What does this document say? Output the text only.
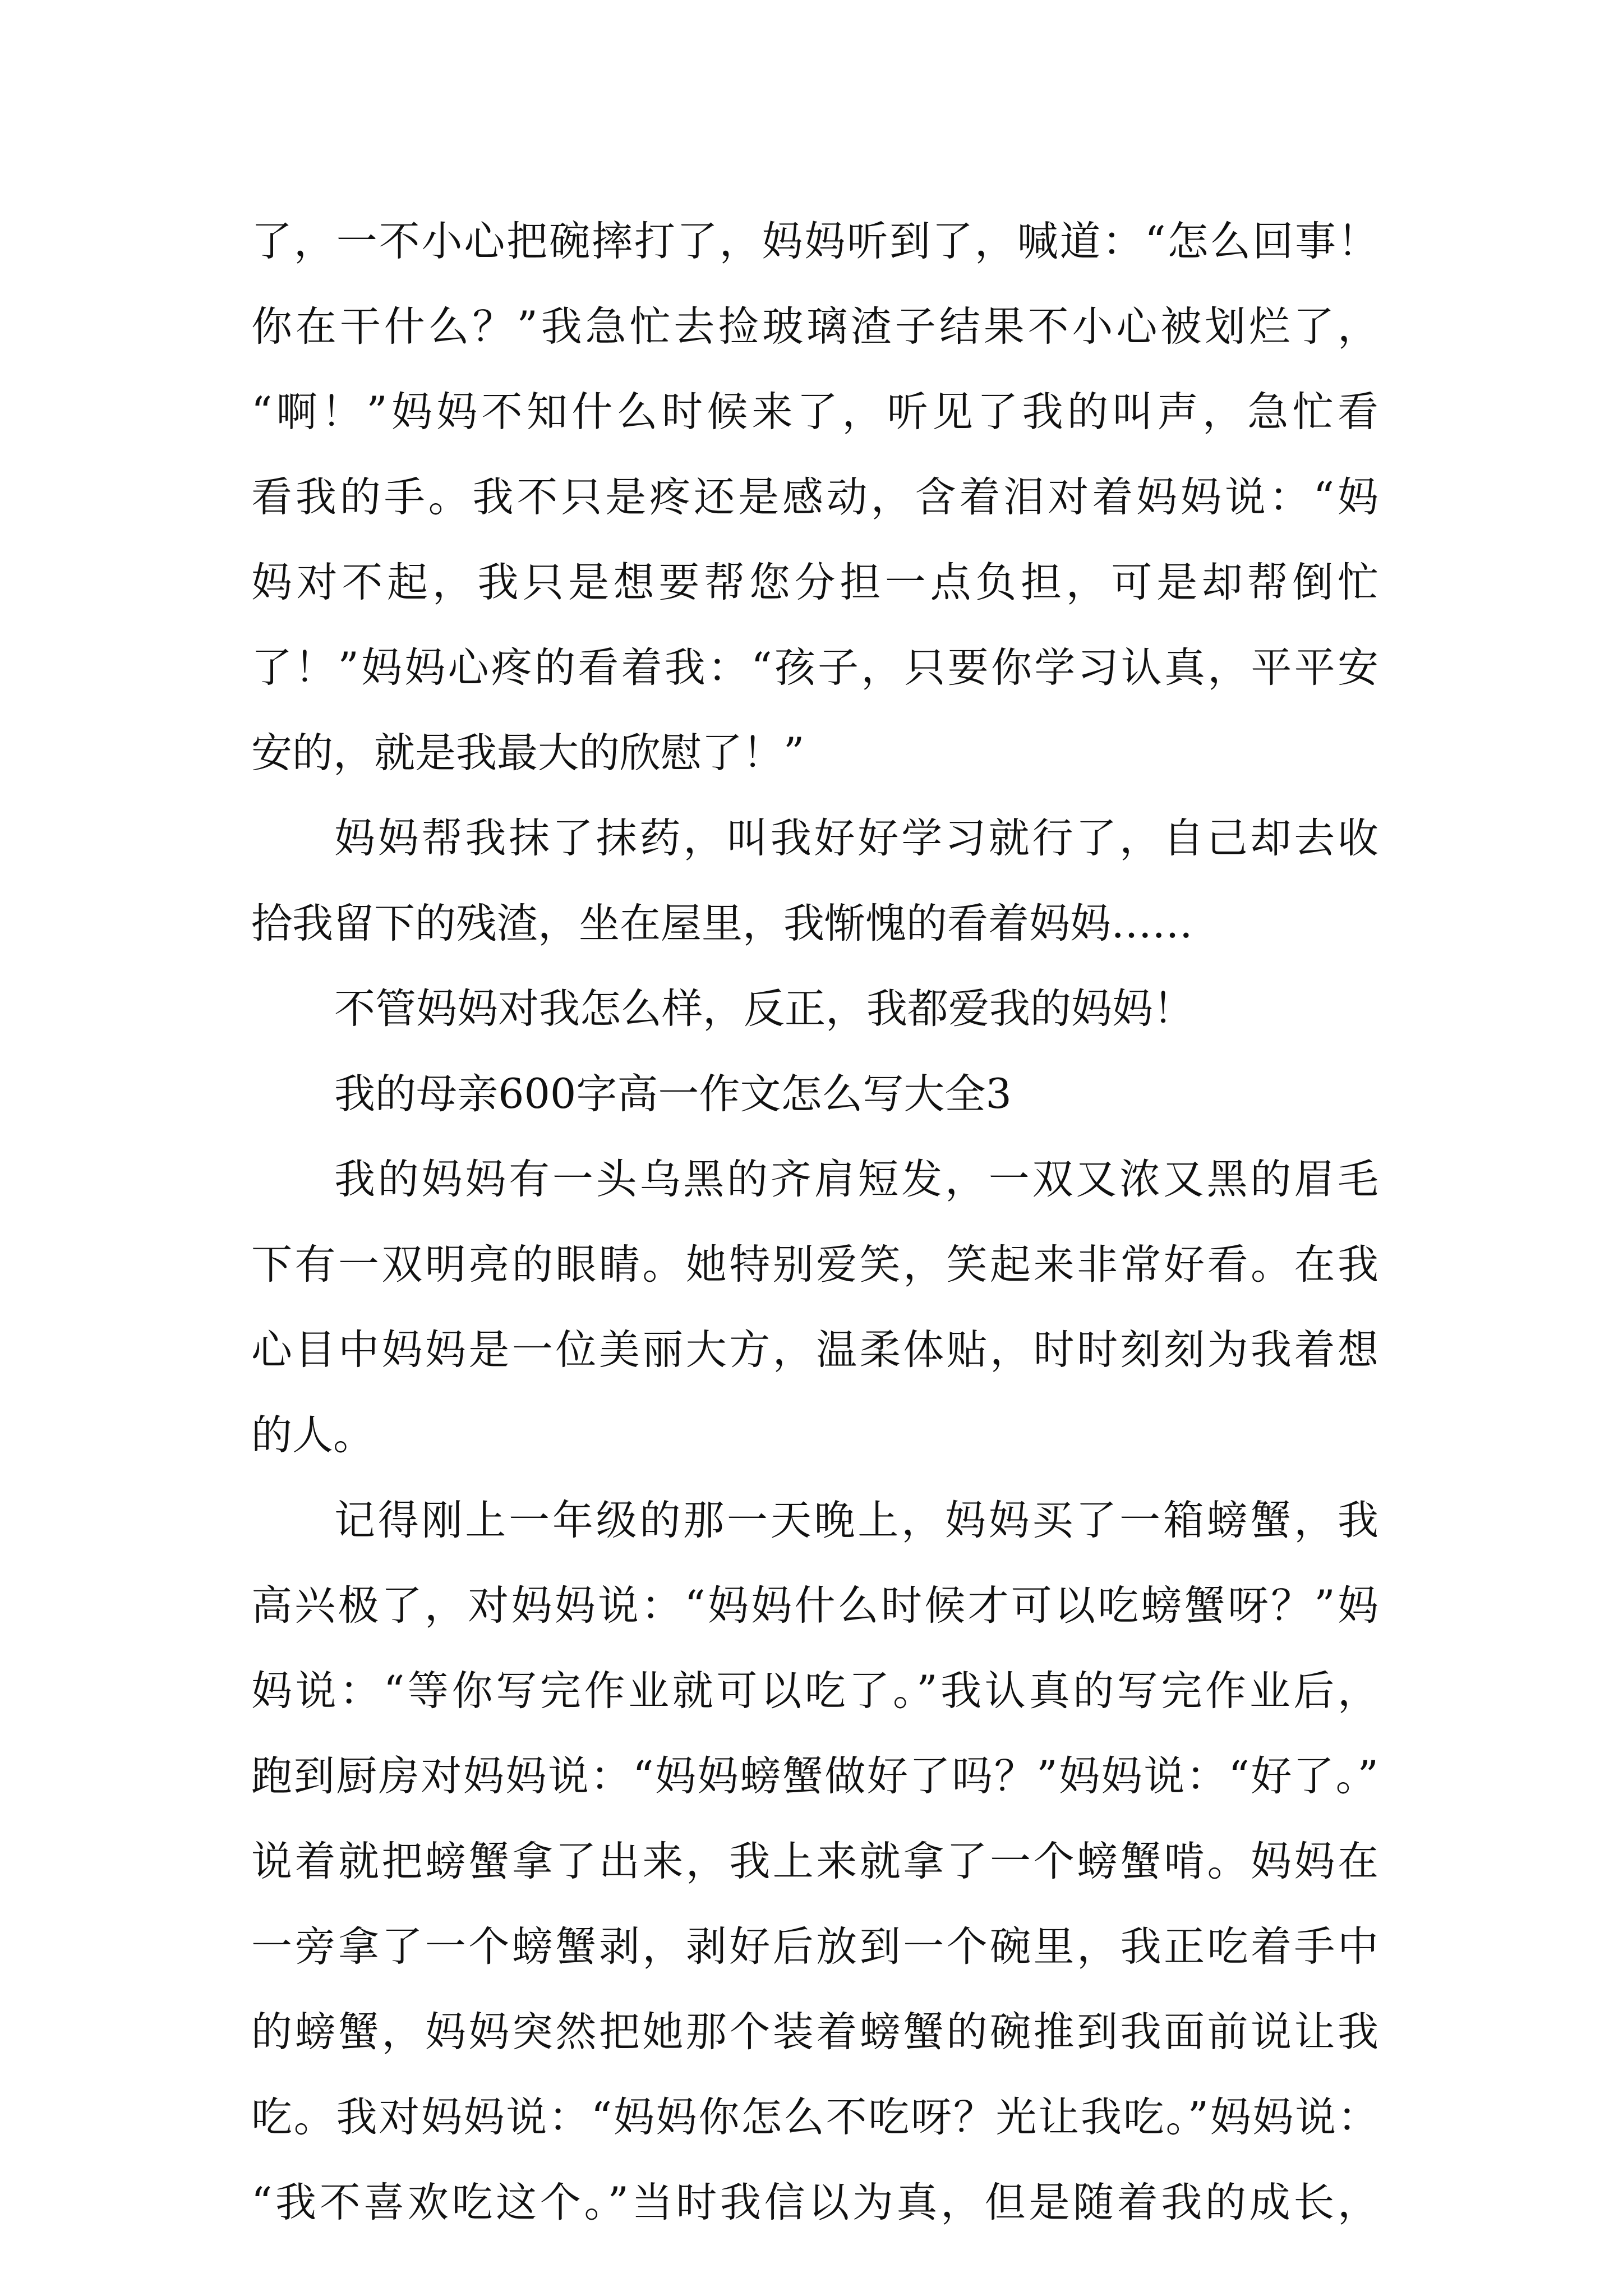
了，一不小心把碗摔打了，妈妈听到了，喊道：“怎么回事！
你在干什么？”我急忙去捡玻璃渣子结果不小心被划烂了，
“啊！”妈妈不知什么时候来了，听见了我的叫声，急忙看
看我的手。我不只是疼还是感动，含着泪对着妈妈说：“妈
妈对不起，我只是想要帮您分担一点负担，可是却帮倒忙
了！”妈妈心疼的看着我：“孩子，只要你学习认真，平平安
安的，就是我最大的欣慰了！”
妈妈帮我抹了抹药，叫我好好学习就行了，自己却去收
拾我留下的残渣，坐在屋里，我惭愧的看着妈妈……
不管妈妈对我怎么样，反正，我都爱我的妈妈！
我的母亲600字高一作文怎么写大全3
我的妈妈有一头乌黑的齐肩短发，一双又浓又黑的眉毛
下有一双明亮的眼睛。她特别爱笑，笑起来非常好看。在我
心目中妈妈是一位美丽大方，温柔体贴，时时刻刻为我着想
的人。
记得刚上一年级的那一天晚上，妈妈买了一箱螃蟹，我
高兴极了，对妈妈说：“妈妈什么时候才可以吃螃蟹呀？”妈
妈说：“等你写完作业就可以吃了。”我认真的写完作业后，
跑到厨房对妈妈说：“妈妈螃蟹做好了吗？”妈妈说：“好了。”
说着就把螃蟹拿了出来，我上来就拿了一个螃蟹啃。妈妈在
一旁拿了一个螃蟹剥，剥好后放到一个碗里，我正吃着手中
的螃蟹，妈妈突然把她那个装着螃蟹的碗推到我面前说让我
吃。我对妈妈说：“妈妈你怎么不吃呀？光让我吃。”妈妈说：
“我不喜欢吃这个。”当时我信以为真，但是随着我的成长，
